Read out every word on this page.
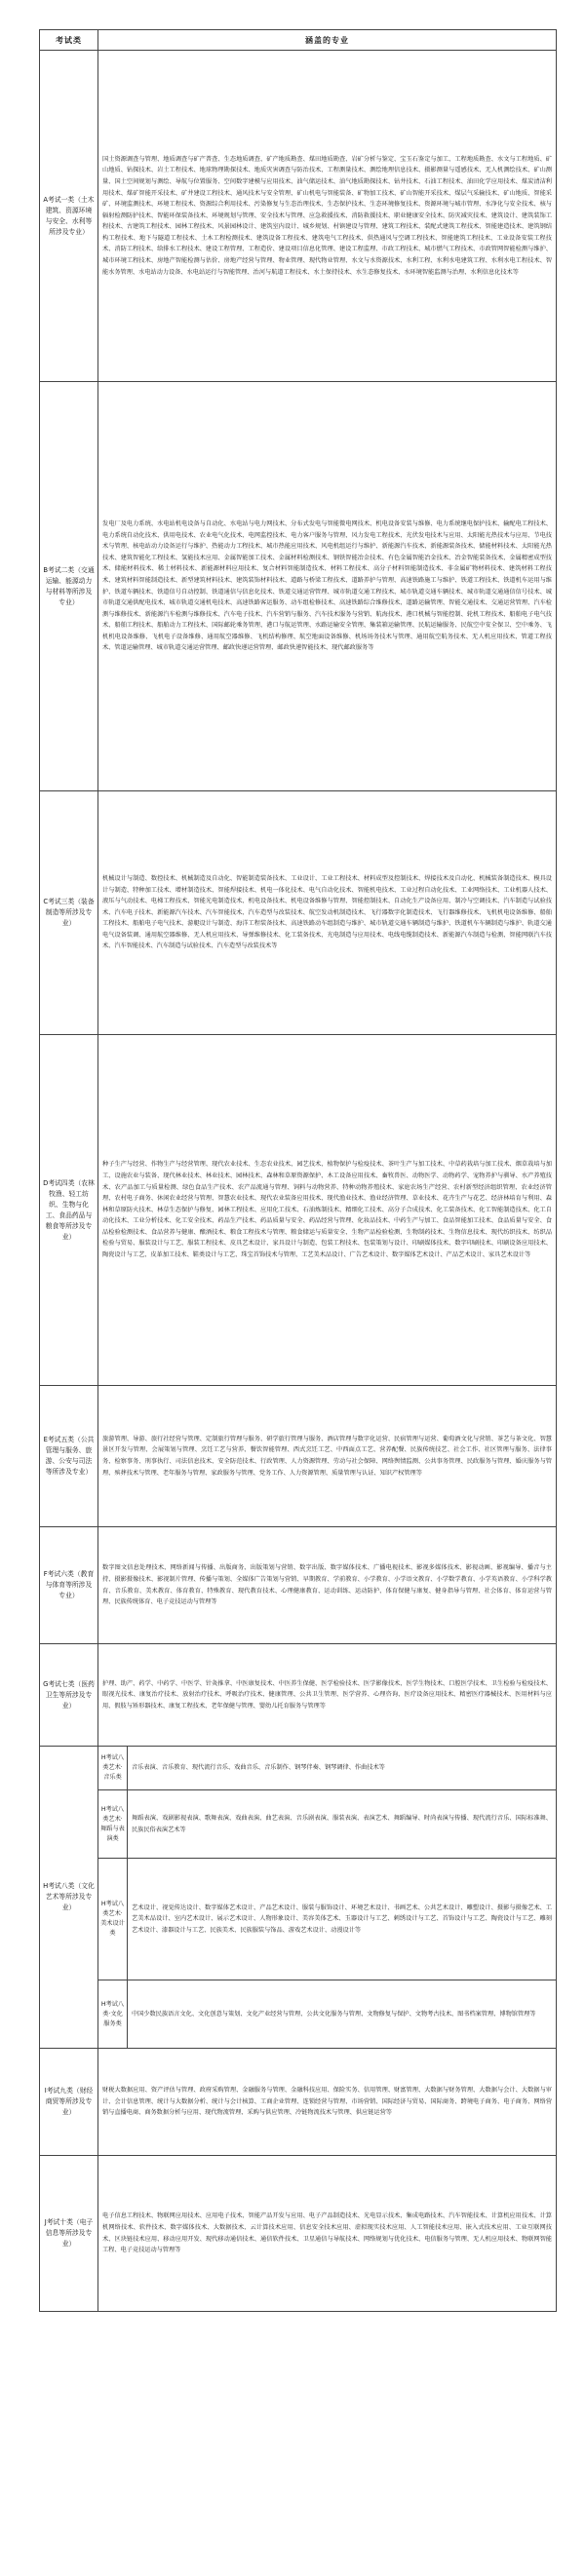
考试类	涵盖的专业	
A考试一类（土木建筑、资源环境与安全、水利等所涉及专业）	国土资源调查与管理、地质调查与矿产普查、生态地质调查、矿产地质勘查、煤田地质勘查、岩矿分析与鉴定、宝玉石鉴定与加工、工程地质勘查、水文与工程地质、矿山地质、钻探技术、岩土工程技术、地球物理勘探技术、地质灾害调查与防治技术、工程测量技术、测绘地理信息技术、摄影测量与遥感技术、无人机测绘技术、矿山测量、国土空间规划与测绘、导航与位置服务、空间数字建模与应用技术、油气储运技术、油气地质勘探技术、钻井技术、石油工程技术、油田化学应用技术、煤炭清洁利用技术、煤矿智能开采技术、矿井建设工程技术、通风技术与安全管理、矿山机电与智能装备、矿物加工技术、矿山智能开采技术、煤层气采输技术、矿山地质、智能采矿、环境监测技术、环境工程技术、资源综合利用技术、污染修复与生态治理技术、生态保护技术、生态环境修复技术、资源环境与城市管理、水净化与安全技术、核与辐射检测防护技术、智能环保装备技术、环境规划与管理、安全技术与管理、应急救援技术、消防救援技术、职业健康安全技术、防灾减灾技术、建筑设计、建筑装饰工程技术、古建筑工程技术、园林工程技术、风景园林设计、建筑室内设计、城乡规划、村镇建设与管理、建筑工程技术、装配式建筑工程技术、智能建造技术、建筑钢结构工程技术、地下与隧道工程技术、土木工程检测技术、建筑设备工程技术、建筑电气工程技术、供热通风与空调工程技术、智能建筑工程技术、工业设备安装工程技术、消防工程技术、给排水工程技术、建设工程管理、工程造价、建设项目信息化管理、建设工程监理、市政工程技术、城市燃气工程技术、市政管网智能检测与维护、城市环境工程技术、房地产智能检测与估价、房地产经营与管理、物业管理、现代物业管理、水文与水资源技术、水利工程、水利水电建筑工程、水利水电工程技术、智能水务管理、水电站动力设备、水电站运行与智能管理、治河与航道工程技术、水土保持技术、水生态修复技术、水环境智能监测与治理、水利信息化技术等	

B考试二类（交通运输、能源动力与材料等所涉及专业）	发电厂及电力系统、水电站机电设备与自动化、水电站与电力网技术、分布式发电与智能微电网技术、机电设备安装与维修、电力系统继电保护技术、输配电工程技术、电力系统自动化技术、供用电技术、农业电气化技术、电网监控技术、电力客户服务与管理、风力发电工程技术、光伏发电技术与应用、太阳能光热技术与应用、节电技术与管理、核电站动力设备运行与维护、热能动力工程技术、城市热能应用技术、风电机组运行与维护、新能源汽车技术、新能源装备技术、储能材料技术、太阳能光热技术、建筑智能化工程技术、氢能技术应用、金属智能加工技术、金属材料检测技术、钢铁智能冶金技术、有色金属智能冶金技术、冶金智能装备技术、金属精密成型技术、储能材料技术、稀土材料技术、新能源材料应用技术、复合材料智能制造技术、材料工程技术、高分子材料智能制造技术、非金属矿物材料技术、建筑材料工程技术、建筑材料智能制造技术、新型建筑材料技术、建筑装饰材料技术、道路与桥梁工程技术、道路养护与管理、高速铁路施工与维护、铁道工程技术、铁道机车运用与维护、铁道车辆技术、铁道信号自动控制、铁道通信与信息化技术、铁道交通运营管理、城市轨道交通工程技术、城市轨道交通车辆技术、城市轨道交通通信信号技术、城市轨道交通供配电技术、城市轨道交通机电技术、高速铁路客运服务、动车组检修技术、高速铁路综合维修技术、道路运输管理、智能交通技术、交通运营管理、汽车检测与维修技术、新能源汽车检测与维修技术、汽车电子技术、汽车营销与服务、汽车技术服务与营销、航海技术、港口机械与智能控制、轮机工程技术、船舶电子电气技术、船舶工程技术、船舶动力工程技术、国际邮轮乘务管理、港口与航运管理、水路运输安全管理、集装箱运输管理、民航运输服务、民航空中安全保卫、空中乘务、飞机机电设备维修、飞机电子设备维修、通用航空器维修、飞机结构修理、航空地面设备维修、机场场务技术与管理、通用航空航务技术、无人机应用技术、管道工程技术、管道运输管理、城市轨道交通运营管理、邮政快递运营管理、邮政快递智能技术、现代邮政服务等	

C考试三类（装备制造等所涉及专业）	机械设计与制造、数控技术、机械制造及自动化、智能制造装备技术、工业设计、工业工程技术、材料成型及控制技术、焊接技术及自动化、机械装备制造技术、模具设计与制造、特种加工技术、增材制造技术、智能焊接技术、机电一体化技术、电气自动化技术、智能机电技术、工业过程自动化技术、工业网络技术、工业机器人技术、液压与气动技术、电梯工程技术、智能光电制造技术、机电设备技术、机电设备维修与管理、智能控制技术、自动化生产设备应用、制冷与空调技术、汽车制造与试验技术、汽车电子技术、新能源汽车技术、汽车智能技术、汽车造型与改装技术、航空发动机制造技术、飞行器数字化制造技术、飞行器维修技术、飞机机电设备维修、船舶工程技术、船舶电子电气技术、游艇设计与制造、海洋工程装备技术、高速铁路动车组制造与维护、城市轨道交通车辆制造与维护、铁道机车车辆制造与维护、轨道交通电气设备装调、通用航空器维修、无人机应用技术、导弹维修技术、化工装备技术、光电制造与应用技术、电线电缆制造技术、新能源汽车制造与检测、智能网联汽车技术、汽车智能技术、汽车制造与试验技术、汽车造型与改装技术等	

D考试四类（农林牧渔、轻工纺织、生物与化工、食品药品与粮食等所涉及专业）	种子生产与经营、作物生产与经营管理、现代农业技术、生态农业技术、园艺技术、植物保护与检疫技术、茶叶生产与加工技术、中草药栽培与加工技术、烟草栽培与加工、设施农业与装备、现代林业技术、林业技术、园林技术、森林和草原资源保护、木工设备应用技术、畜牧兽医、动物医学、动物药学、宠物养护与驯导、水产养殖技术、农产品加工与质量检测、绿色食品生产技术、农产品流通与管理、饲料与动物营养、特种动物养殖技术、家庭农场生产经营、农村新型经济组织管理、农业经济管理、农村电子商务、休闲农业经营与管理、智慧农业技术、现代农业装备应用技术、现代渔业技术、渔业经济管理、草业技术、花卉生产与花艺、经济林培育与利用、森林和草原防火技术、林草生态保护与修复、园林工程技术、应用化工技术、石油炼制技术、精细化工技术、高分子合成技术、化工装备技术、化工智能制造技术、化工自动化技术、工业分析技术、化工安全技术、药品生产技术、药品质量与安全、药品经营与管理、化妆品技术、中药生产与加工、食品智能加工技术、食品质量与安全、食品检验检测技术、食品营养与健康、酿酒技术、粮食工程技术与管理、粮食储运与质量安全、生物产品检验检测、生物制药技术、生物信息技术、现代纺织技术、纺织品检验与贸易、服装设计与工艺、服装工程技术、皮具艺术设计、家具设计与制造、包装工程技术、包装策划与设计、印刷媒体技术、数字印刷技术、印刷设备应用技术、陶瓷设计与工艺、皮革加工技术、鞋类设计与工艺、珠宝首饰技术与管理、工艺美术品设计、广告艺术设计、数字媒体艺术设计、产品艺术设计、家具艺术设计等	

E考试五类（公共管理与服务、旅游、公安与司法等所涉及专业）	旅游管理、导游、旅行社经营与管理、定制旅行管理与服务、研学旅行管理与服务、酒店管理与数字化运营、民宿管理与运营、葡萄酒文化与营销、茶艺与茶文化、智慧景区开发与管理、会展策划与管理、烹饪工艺与营养、餐饮智能管理、西式烹饪工艺、中西面点工艺、营养配餐、民族传统技艺、社会工作、社区管理与服务、法律事务、检察事务、刑事执行、司法信息技术、安全防范技术、行政管理、人力资源管理、劳动与社会保障、网络舆情监测、公共事务管理、民政服务与管理、婚庆服务与管理、殡葬技术与管理、老年服务与管理、家政服务与管理、党务工作、人力资源管理、质量管理与认证、知识产权管理等	

F考试六类（教育与体育等所涉及专业）	数字图文信息处理技术、网络新闻与传播、出版商务、出版策划与营销、数字出版、数字媒体技术、广播电视技术、影视多媒体技术、影视动画、影视编导、播音与主持、摄影摄像技术、影视制片管理、传播与策划、全媒体广告策划与营销、早期教育、学前教育、小学教育、小学语文教育、小学数学教育、小学英语教育、小学科学教育、音乐教育、美术教育、体育教育、特殊教育、现代教育技术、心理健康教育、运动训练、运动防护、体育保健与康复、健身指导与管理、社会体育、体育运营与管理、民族传统体育、电子竞技运动与管理等	

G考试七类（医药卫生等所涉及专业）	护理、助产、药学、中药学、中医学、针灸推拿、中医康复技术、中医养生保健、医学检验技术、医学影像技术、医学生物技术、口腔医学技术、卫生检验与检疫技术、眼视光技术、康复治疗技术、放射治疗技术、呼吸治疗技术、健康管理、公共卫生管理、医学营养、心理咨询、医疗设备应用技术、精密医疗器械技术、医用材料与应用、假肢与矫形器技术、康复工程技术、老年保健与管理、婴幼儿托育服务与管理等	

H考试八类（文化艺术等所涉及专业）	H考试八类艺术·音乐类	音乐表演、音乐教育、现代流行音乐、戏曲音乐、音乐制作、钢琴伴奏、钢琴调律、作曲技术等

	H考试八类艺术·舞蹈与表演类	舞蹈表演、戏剧影视表演、歌舞表演、戏曲表演、曲艺表演、音乐剧表演、服装表演、表演艺术、舞蹈编导、时尚表演与传播、现代流行音乐、国际标准舞、民族民俗表演艺术等

	H考试八类艺术·美术设计类	艺术设计、视觉传达设计、数字媒体艺术设计、产品艺术设计、服装与服饰设计、环境艺术设计、书画艺术、公共艺术设计、雕塑设计、摄影与摄像艺术、工艺美术品设计、室内艺术设计、展示艺术设计、人物形象设计、美容美体艺术、玉器设计与工艺、刺绣设计与工艺、首饰设计与工艺、陶瓷设计与工艺、雕刻艺术设计、漆器设计与工艺、民族美术、民族服装与饰品、游戏艺术设计、动漫设计等

	H考试八类·文化服务类	中国少数民族语言文化、文化创意与策划、文化产业经营与管理、公共文化服务与管理、文物修复与保护、文物考古技术、图书档案管理、博物馆管理等

I考试九类（财经商贸等所涉及专业）	财税大数据应用、资产评估与管理、政府采购管理、金融服务与管理、金融科技应用、保险实务、信用管理、财富管理、大数据与财务管理、大数据与会计、大数据与审计、会计信息管理、统计与大数据分析、统计与会计核算、工商企业管理、连锁经营与管理、市场营销、国际经济与贸易、国际商务、跨境电子商务、电子商务、网络营销与直播电商、商务数据分析与应用、现代物流管理、采购与供应管理、冷链物流技术与管理、供应链运营等	

J考试十类（电子信息等所涉及专业）	电子信息工程技术、物联网应用技术、应用电子技术、智能产品开发与应用、电子产品制造技术、光电显示技术、集成电路技术、汽车智能技术、计算机应用技术、计算机网络技术、软件技术、数字媒体技术、大数据技术、云计算技术应用、信息安全技术应用、虚拟现实技术应用、人工智能技术应用、嵌入式技术应用、工业互联网技术、区块链技术应用、移动应用开发、现代移动通信技术、通信软件技术、卫星通信与导航技术、网络规划与优化技术、电信服务与管理、无人机应用技术、物联网智能工程、电子竞技运动与管理等	
